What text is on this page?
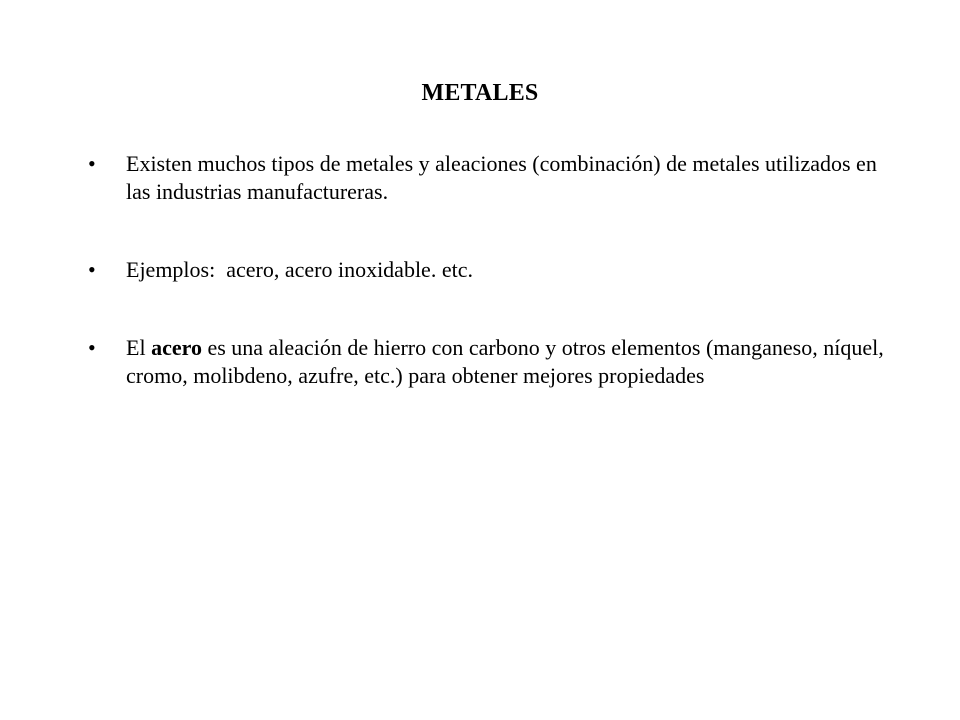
METALES
•	Existen muchos tipos de metales y aleaciones (combinación) de metales utilizados en las industrias manufactureras.
•	Ejemplos:  acero, acero inoxidable. etc.
•	El acero es una aleación de hierro con carbono y otros elementos (manganeso, níquel, cromo, molibdeno, azufre, etc.) para obtener mejores propiedades
